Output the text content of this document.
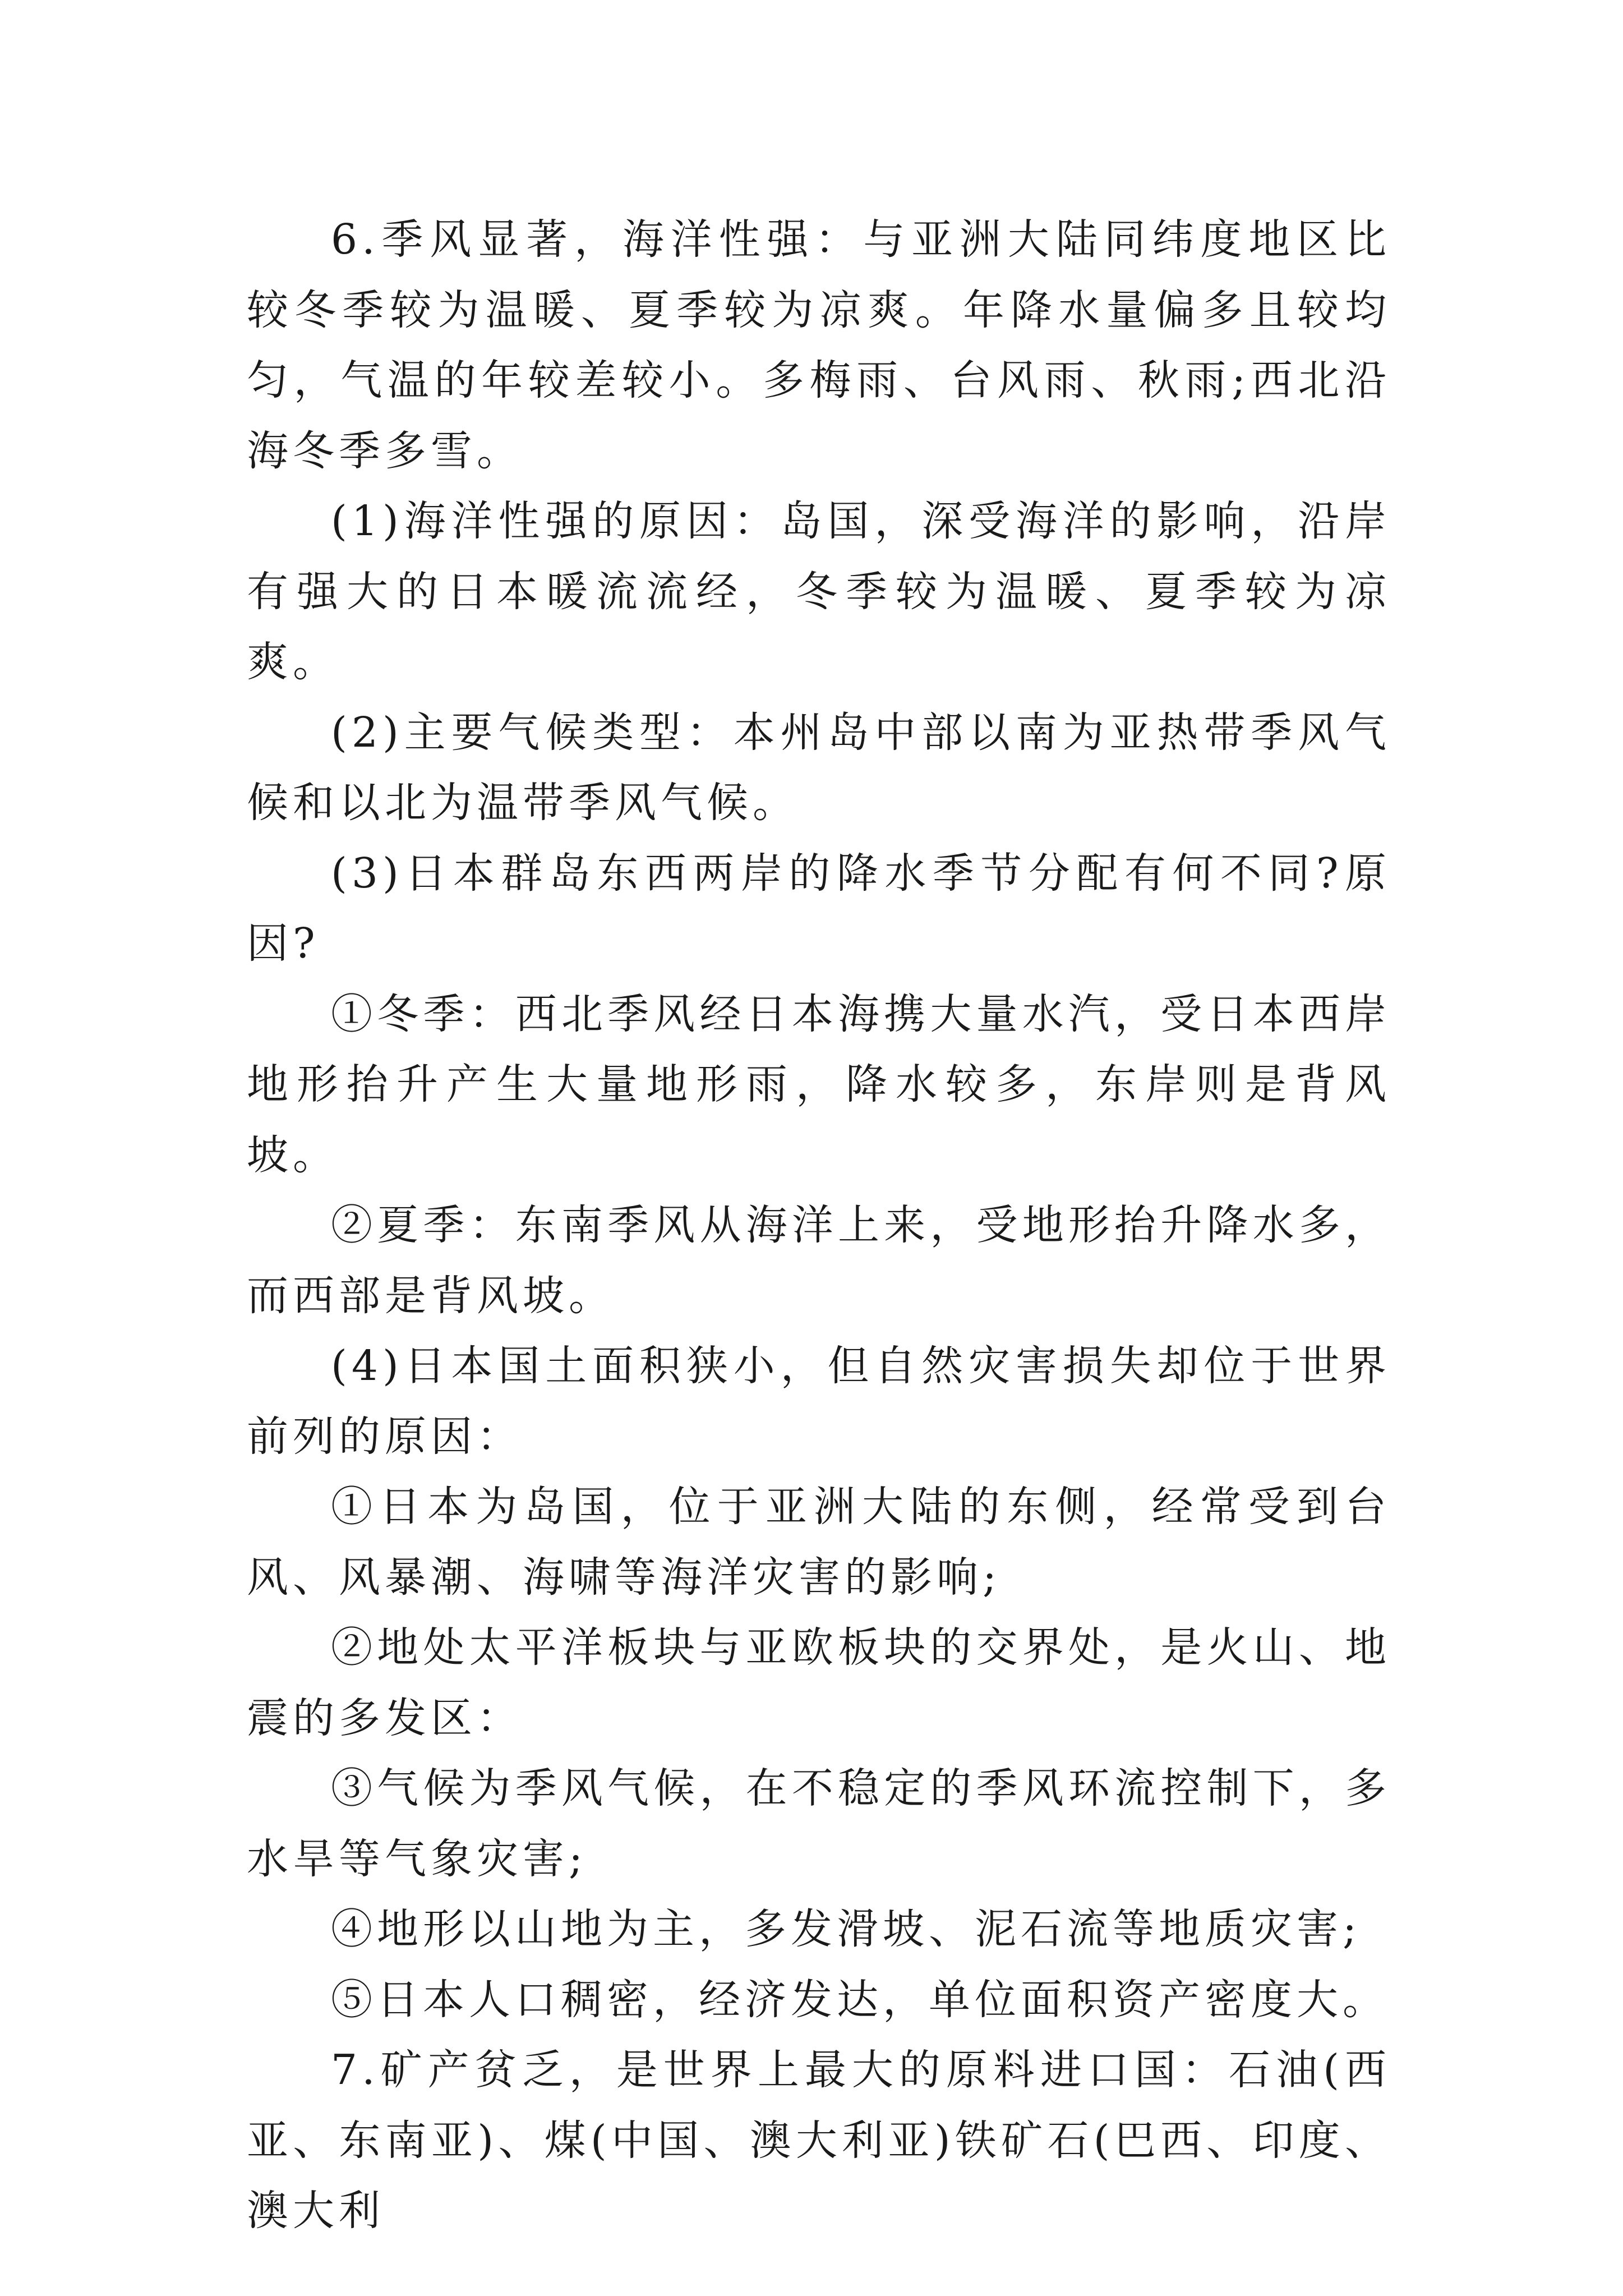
6.季风显著，海洋性强：与亚洲大陆同纬度地区比较冬季较为温暖、夏季较为凉爽。年降水量偏多且较均匀，气温的年较差较小。多梅雨、台风雨、秋雨;西北沿海冬季多雪。

(1)海洋性强的原因：岛国，深受海洋的影响，沿岸有强大的日本暖流流经，冬季较为温暖、夏季较为凉爽。

(2)主要气候类型：本州岛中部以南为亚热带季风气候和以北为温带季风气候。

(3)日本群岛东西两岸的降水季节分配有何不同?原因?

①冬季：西北季风经日本海携大量水汽，受日本西岸地形抬升产生大量地形雨，降水较多，东岸则是背风坡。

②夏季：东南季风从海洋上来，受地形抬升降水多，而西部是背风坡。

(4)日本国土面积狭小，但自然灾害损失却位于世界前列的原因：

①日本为岛国，位于亚洲大陆的东侧，经常受到台风、风暴潮、海啸等海洋灾害的影响;

②地处太平洋板块与亚欧板块的交界处，是火山、地震的多发区：

③气候为季风气候，在不稳定的季风环流控制下，多水旱等气象灾害;

④地形以山地为主，多发滑坡、泥石流等地质灾害;

⑤日本人口稠密，经济发达，单位面积资产密度大。

7.矿产贫乏，是世界上最大的原料进口国：石油(西亚、东南亚)、煤(中国、澳大利亚)铁矿石(巴西、印度、澳大利
